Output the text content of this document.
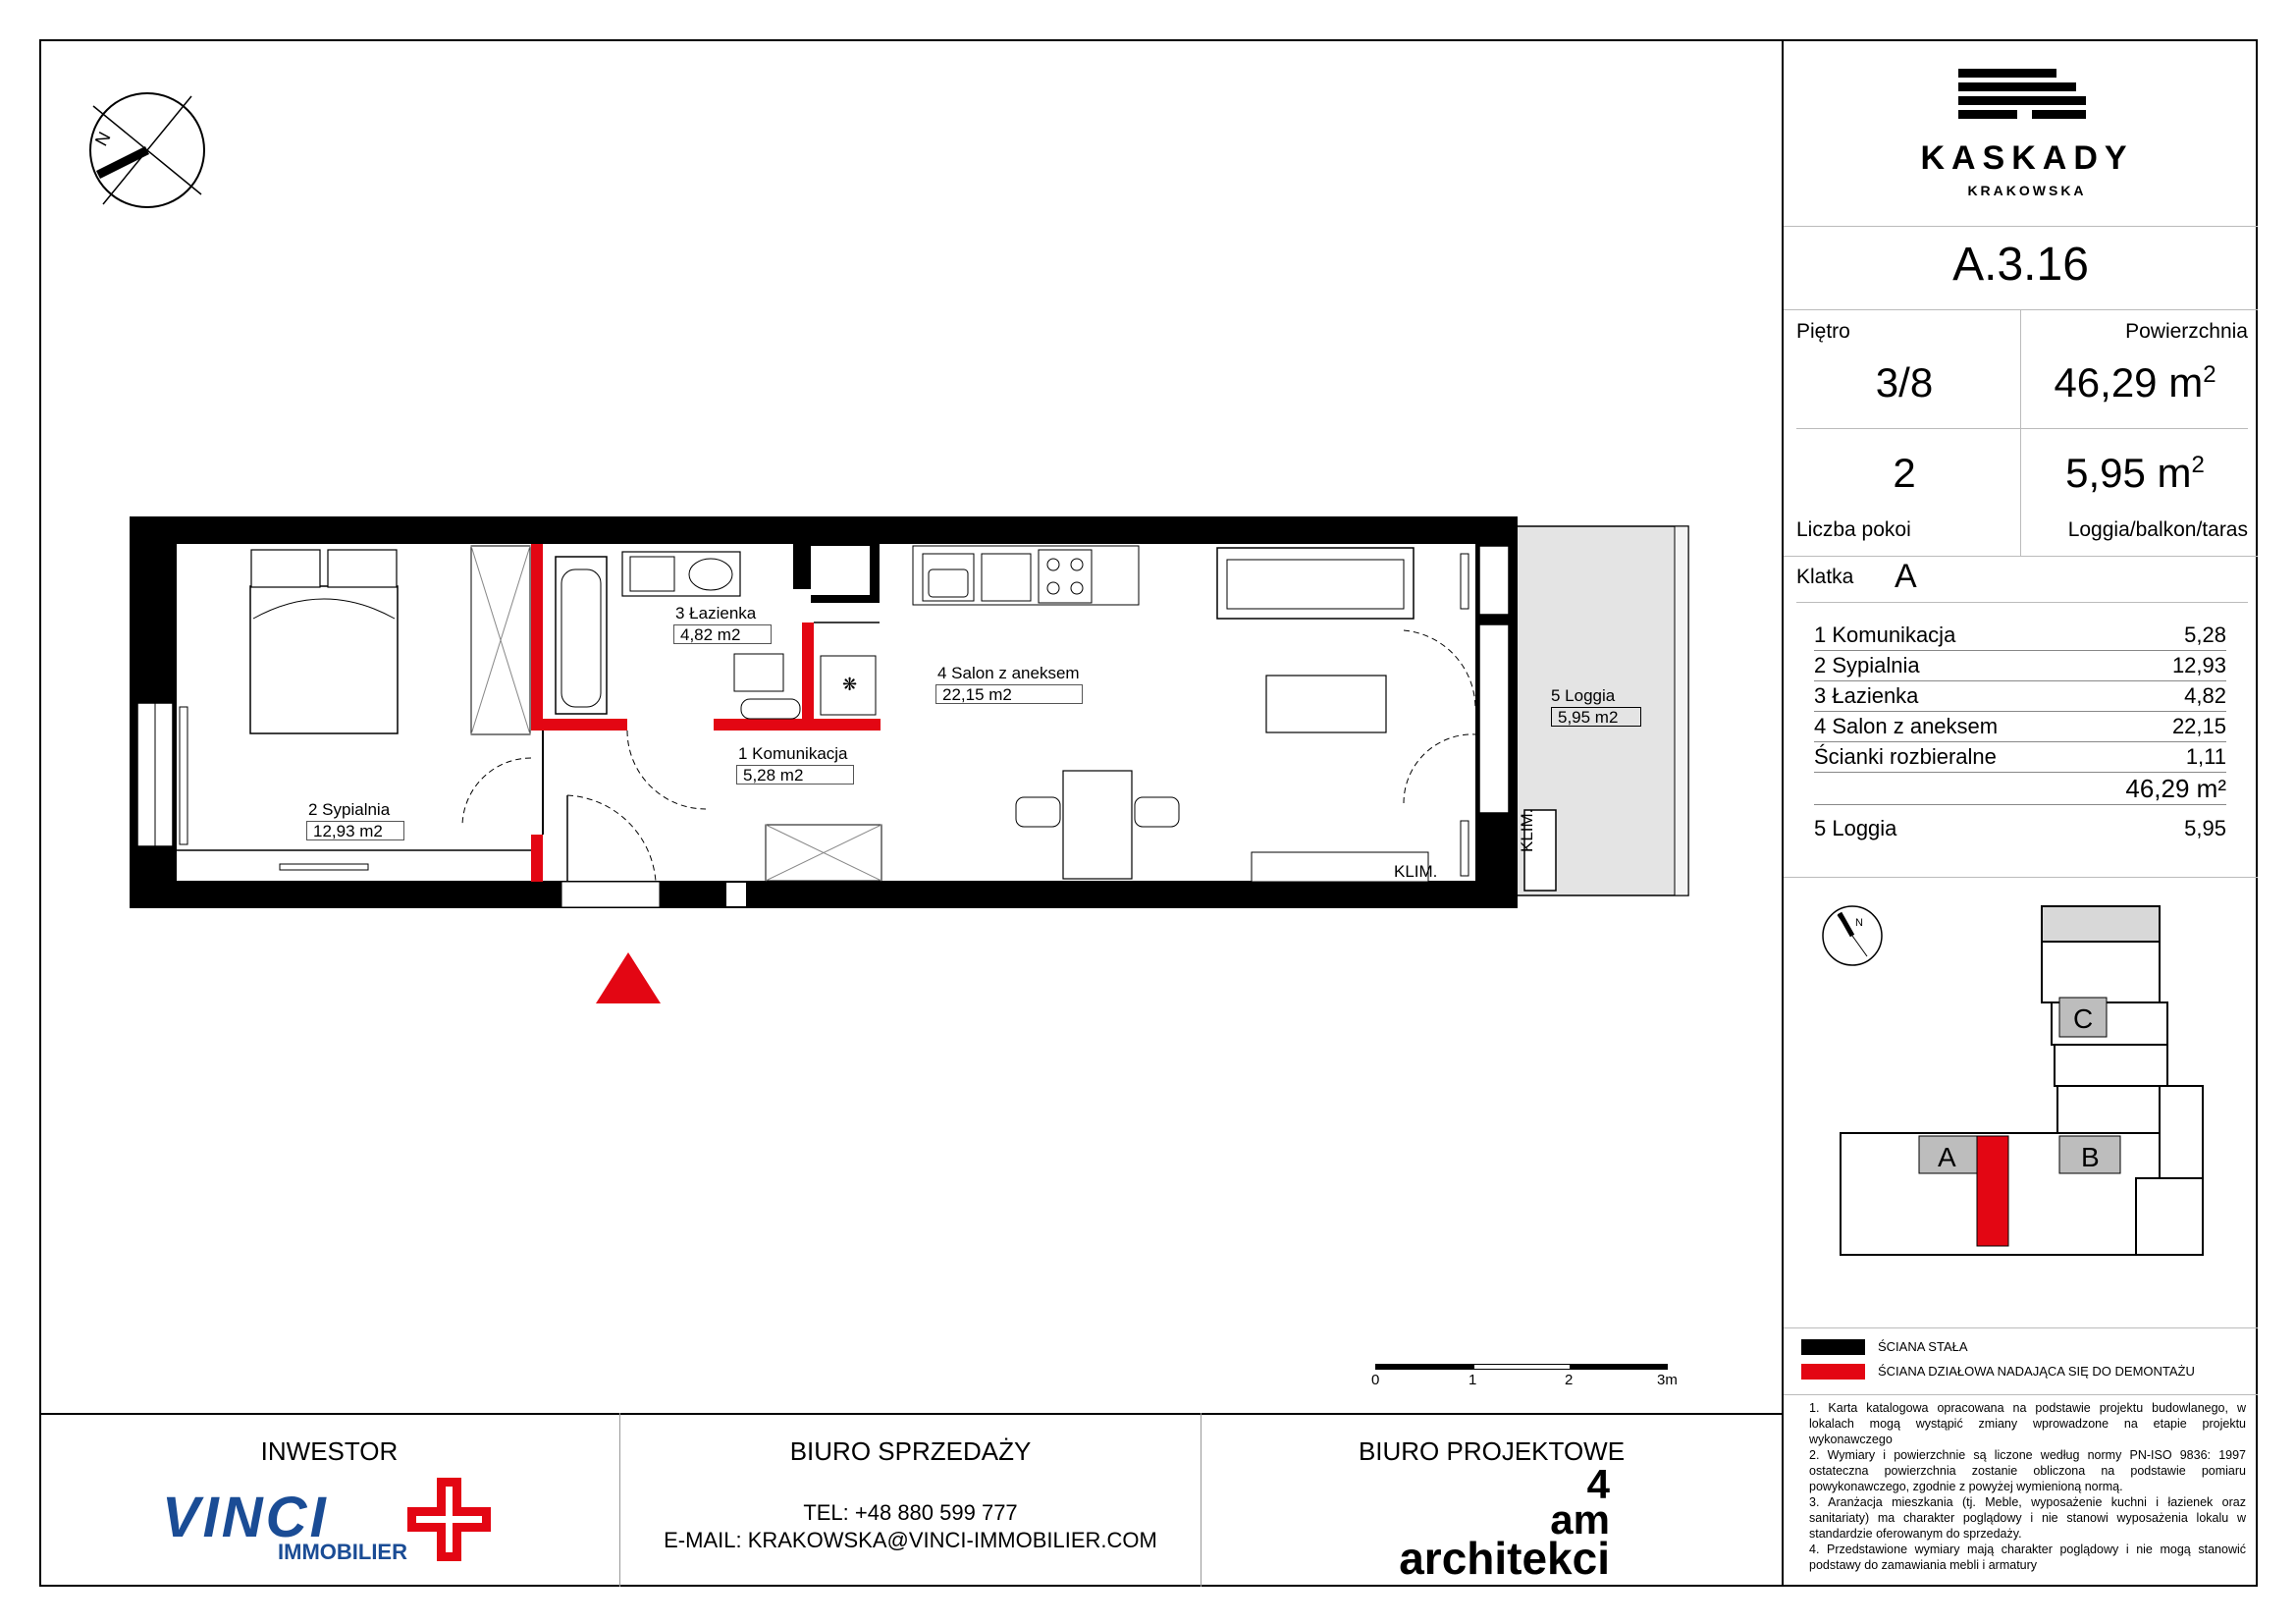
KASKADY
KRAKOWSKA
A.3.16
Piętro	Powierzchnia
3/8	46,29 $m^2$
2	5,95 $m^2$
Liczba pokoi	Loggia/balkon/taras
Klatka A
1 Komunikacja	5,28
2 Sypialnia	12,93
3 Łazienka	4,82
4 Salon z aneksem	22,15
Ścianki rozbieralne	1,11
46,29 m²
5 Loggia	5,95
N
❋
2 Sypialnia
12,93 m2
3 Łazienka
4,82 m2
1 Komunikacja
5,28 m2
4 Salon z aneksem
22,15 m2	5 Loggia
5,95 m2
KLIM.
KLIM.
0	1	2	3m
N
A	B
C
ŚCIANA STAŁA
ŚCIANA DZIAŁOWA NADAJĄCA SIĘ DO DEMONTAŻU
1. Karta katalogowa opracowana na podstawie projektu budowlanego, w lokalach mogą wystąpić zmiany wprowadzone na etapie projektu wykonawczego
2. Wymiary i powierzchnie są liczone według normy PN-ISO 9836: 1997 ostateczna powierzchnia zostanie obliczona na podstawie pomiaru powykonawczego, zgodnie z powyżej wymienioną normą.
3. Aranżacja mieszkania (tj. Meble, wyposażenie kuchni i łazienek oraz sanitariaty) ma charakter poglądowy i nie stanowi wyposażenia lokalu w standardzie oferowanym do sprzedaży.
4. Przedstawione wymiary mają charakter poglądowy i nie mogą stanowić podstawy do zamawiania mebli i armatury
INWESTOR
VINCI
IMMOBILIER
BIURO SPRZEDAŻY
TEL: +48 880 599 777
E-MAIL: KRAKOWSKA@VINCI-IMMOBILIER.COM
BIURO PROJEKTOWE
4
am
architekci
